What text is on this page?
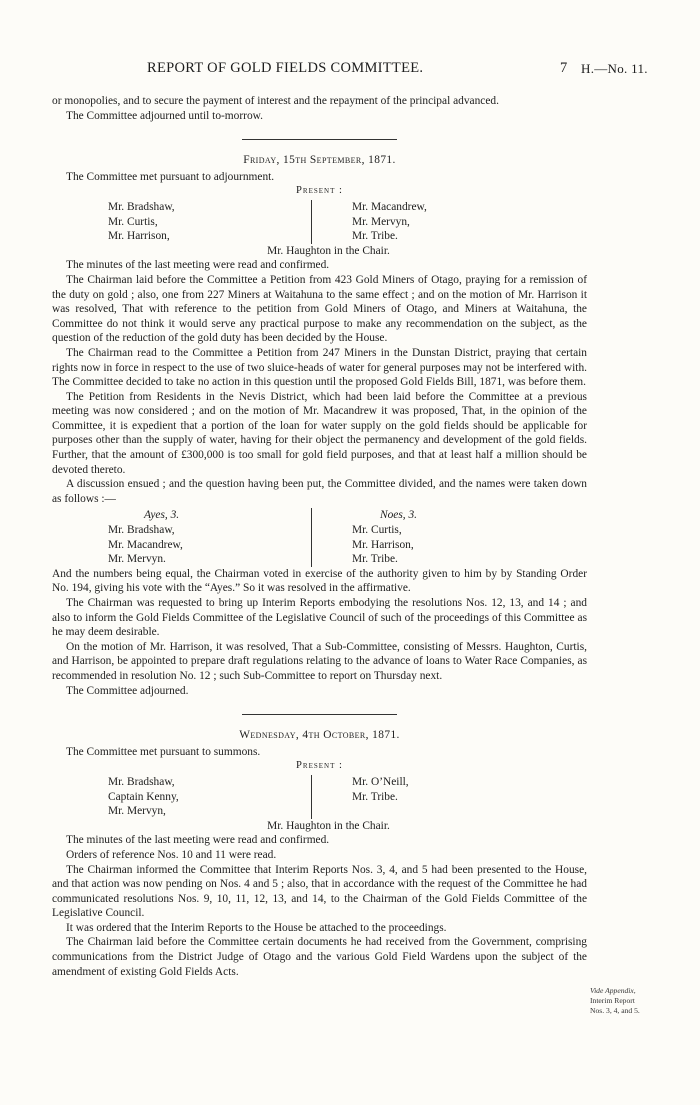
REPORT OF GOLD FIELDS COMMITTEE.	7 H.—No. 11.

or monopolies, and to secure the payment of interest and the repayment of the principal advanced.

The Committee adjourned until to-morrow.

Friday, 15th September, 1871.

The Committee met pursuant to adjournment.

Present :
Mr. Bradshaw,
Mr. Curtis,
Mr. Harrison,
Mr. Macandrew,
Mr. Mervyn,
Mr. Tribe.
Mr. Haughton in the Chair.

The minutes of the last meeting were read and confirmed.

The Chairman laid before the Committee a Petition from 423 Gold Miners of Otago, praying for a remission of the duty on gold ; also, one from 227 Miners at Waitahuna to the same effect ; and on the motion of Mr. Harrison it was resolved, That with reference to the petition from Gold Miners of Otago, and Miners at Waitahuna, the Committee do not think it would serve any practical purpose to make any recommendation on the subject, as the question of the reduction of the gold duty has been decided by the House.

The Chairman read to the Committee a Petition from 247 Miners in the Dunstan District, praying that certain rights now in force in respect to the use of two sluice-heads of water for general purposes may not be interfered with. The Committee decided to take no action in this question until the proposed Gold Fields Bill, 1871, was before them.

The Petition from Residents in the Nevis District, which had been laid before the Committee at a previous meeting was now considered ; and on the motion of Mr. Macandrew it was proposed, That, in the opinion of the Committee, it is expedient that a portion of the loan for water supply on the gold fields should be applicable for purposes other than the supply of water, having for their object the permanency and development of the gold fields. Further, that the amount of £300,000 is too small for gold field purposes, and that at least half a million should be devoted thereto.

A discussion ensued ; and the question having been put, the Committee divided, and the names were taken down as follows :—

Ayes, 3.
Mr. Bradshaw,
Mr. Macandrew,
Mr. Mervyn.
Noes, 3.
Mr. Curtis,
Mr. Harrison,
Mr. Tribe.

And the numbers being equal, the Chairman voted in exercise of the authority given to him by by Standing Order No. 194, giving his vote with the “Ayes.” So it was resolved in the affirmative.

The Chairman was requested to bring up Interim Reports embodying the resolutions Nos. 12, 13, and 14 ; and also to inform the Gold Fields Committee of the Legislative Council of such of the proceedings of this Committee as he may deem desirable.

On the motion of Mr. Harrison, it was resolved, That a Sub-Committee, consisting of Messrs. Haughton, Curtis, and Harrison, be appointed to prepare draft regulations relating to the advance of loans to Water Race Companies, as recommended in resolution No. 12 ; such Sub-Committee to report on Thursday next.

The Committee adjourned.

Wednesday, 4th October, 1871.

The Committee met pursuant to summons.

Present :
Mr. Bradshaw,
Captain Kenny,
Mr. Mervyn,
Mr. O’Neill,
Mr. Tribe.
Mr. Haughton in the Chair.

The minutes of the last meeting were read and confirmed.

Orders of reference Nos. 10 and 11 were read.

The Chairman informed the Committee that Interim Reports Nos. 3, 4, and 5 had been presented to the House, and that action was now pending on Nos. 4 and 5 ; also, that in accordance with the request of the Committee he had communicated resolutions Nos. 9, 10, 11, 12, 13, and 14, to the Chairman of the Gold Fields Committee of the Legislative Council.

It was ordered that the Interim Reports to the House be attached to the proceedings.

The Chairman laid before the Committee certain documents he had received from the Government, comprising communications from the District Judge of Otago and the various Gold Field Wardens upon the subject of the amendment of existing Gold Fields Acts.

Vide Appendix,
Interim Report
Nos. 3, 4, and 5.
